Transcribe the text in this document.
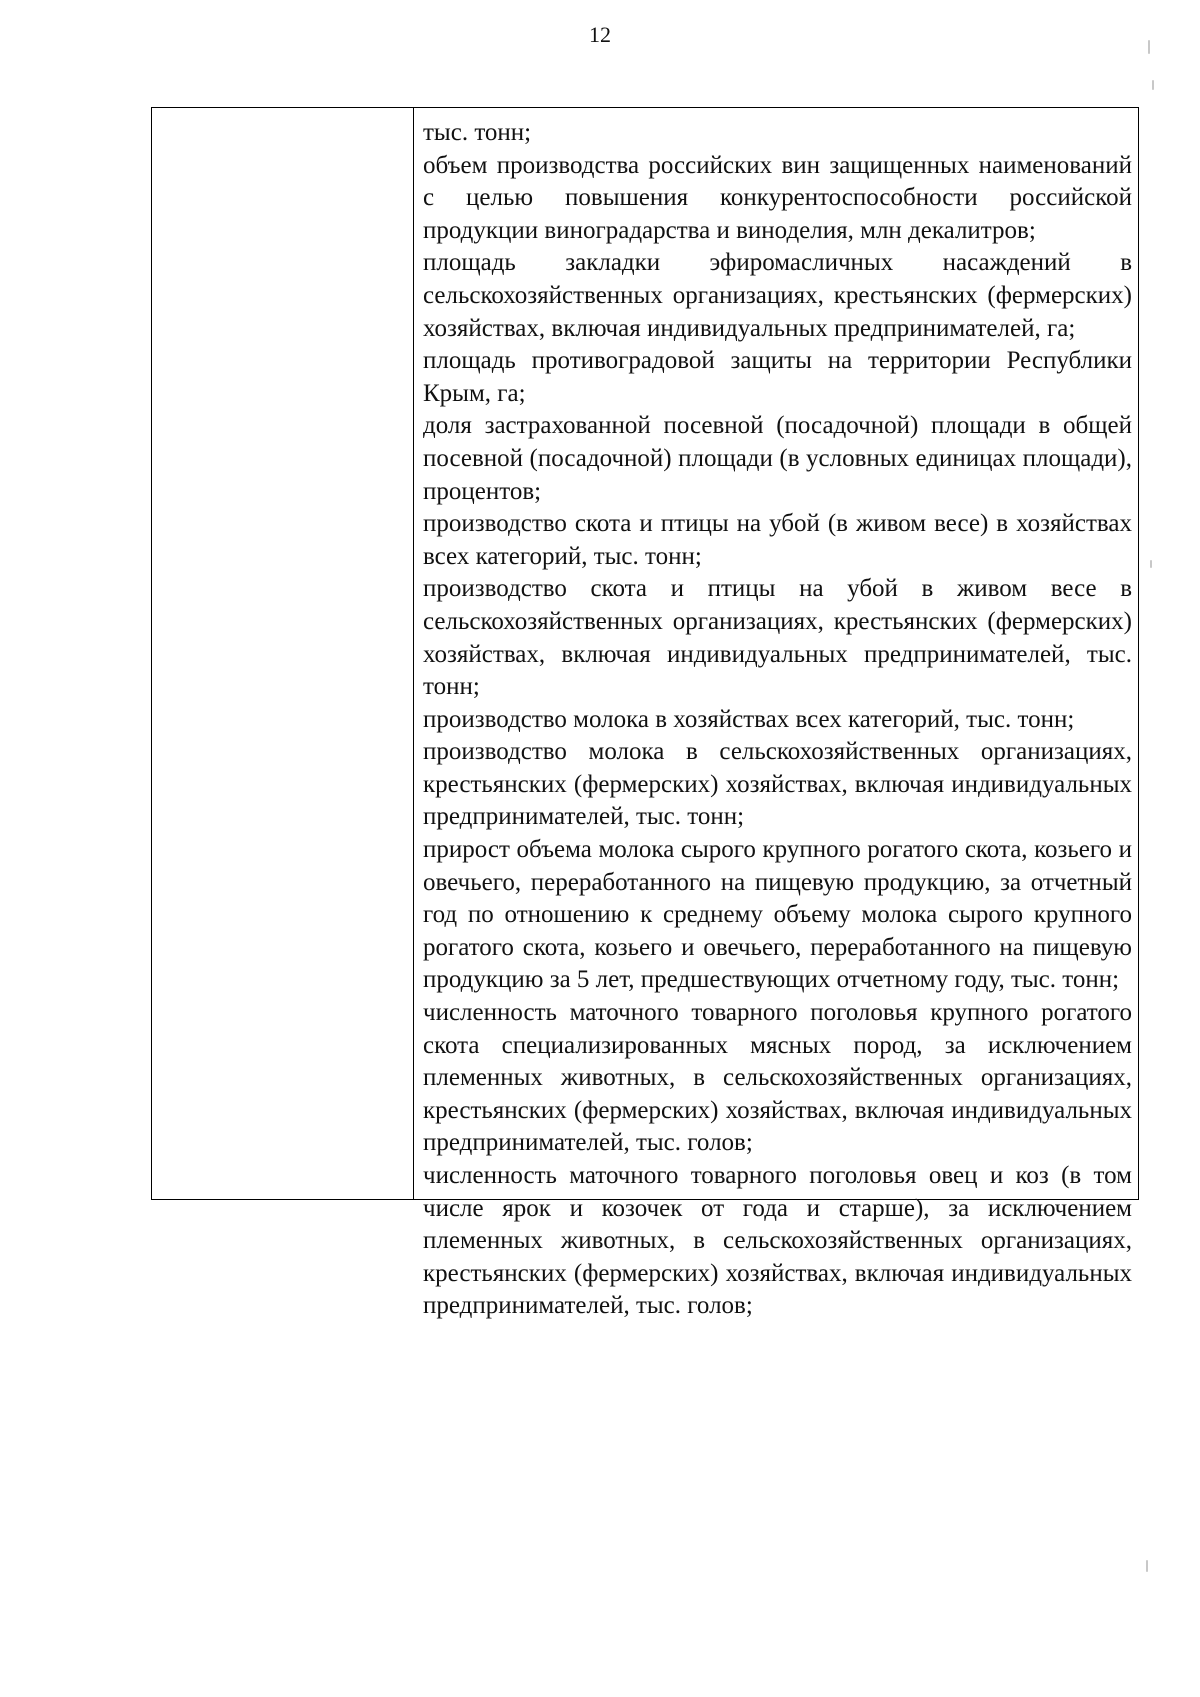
12

тыс. тонн;

объем производства российских вин защищенных наименований с целью повышения конкурентоспособности российской продукции виноградарства и виноделия, млн декалитров;

площадь закладки эфиромасличных насаждений в сельскохозяйственных организациях, крестьянских (фермерских) хозяйствах, включая индивидуальных предпринимателей, га;

площадь противоградовой защиты на территории Республики Крым, га;

доля застрахованной посевной (посадочной) площади в общей посевной (посадочной) площади (в условных единицах площади), процентов;

производство скота и птицы на убой (в живом весе) в хозяйствах всех категорий, тыс. тонн;

производство скота и птицы на убой в живом весе в сельскохозяйственных организациях, крестьянских (фермерских) хозяйствах, включая индивидуальных предпринимателей, тыс. тонн;

производство молока в хозяйствах всех категорий, тыс. тонн;

производство молока в сельскохозяйственных организациях, крестьянских (фермерских) хозяйствах, включая индивидуальных предпринимателей, тыс. тонн;

прирост объема молока сырого крупного рогатого скота, козьего и овечьего, переработанного на пищевую продукцию, за отчетный год по отношению к среднему объему молока сырого крупного рогатого скота, козьего и овечьего, переработанного на пищевую продукцию за 5 лет, предшествующих отчетному году, тыс. тонн;

численность маточного товарного поголовья крупного рогатого скота специализированных мясных пород, за исключением племенных животных, в сельскохозяйственных организациях, крестьянских (фермерских) хозяйствах, включая индивидуальных предпринимателей, тыс. голов;

численность маточного товарного поголовья овец и коз (в том числе ярок и козочек от года и старше), за исключением племенных животных, в сельскохозяйственных организациях, крестьянских (фермерских) хозяйствах, включая индивидуальных предпринимателей, тыс. голов;
